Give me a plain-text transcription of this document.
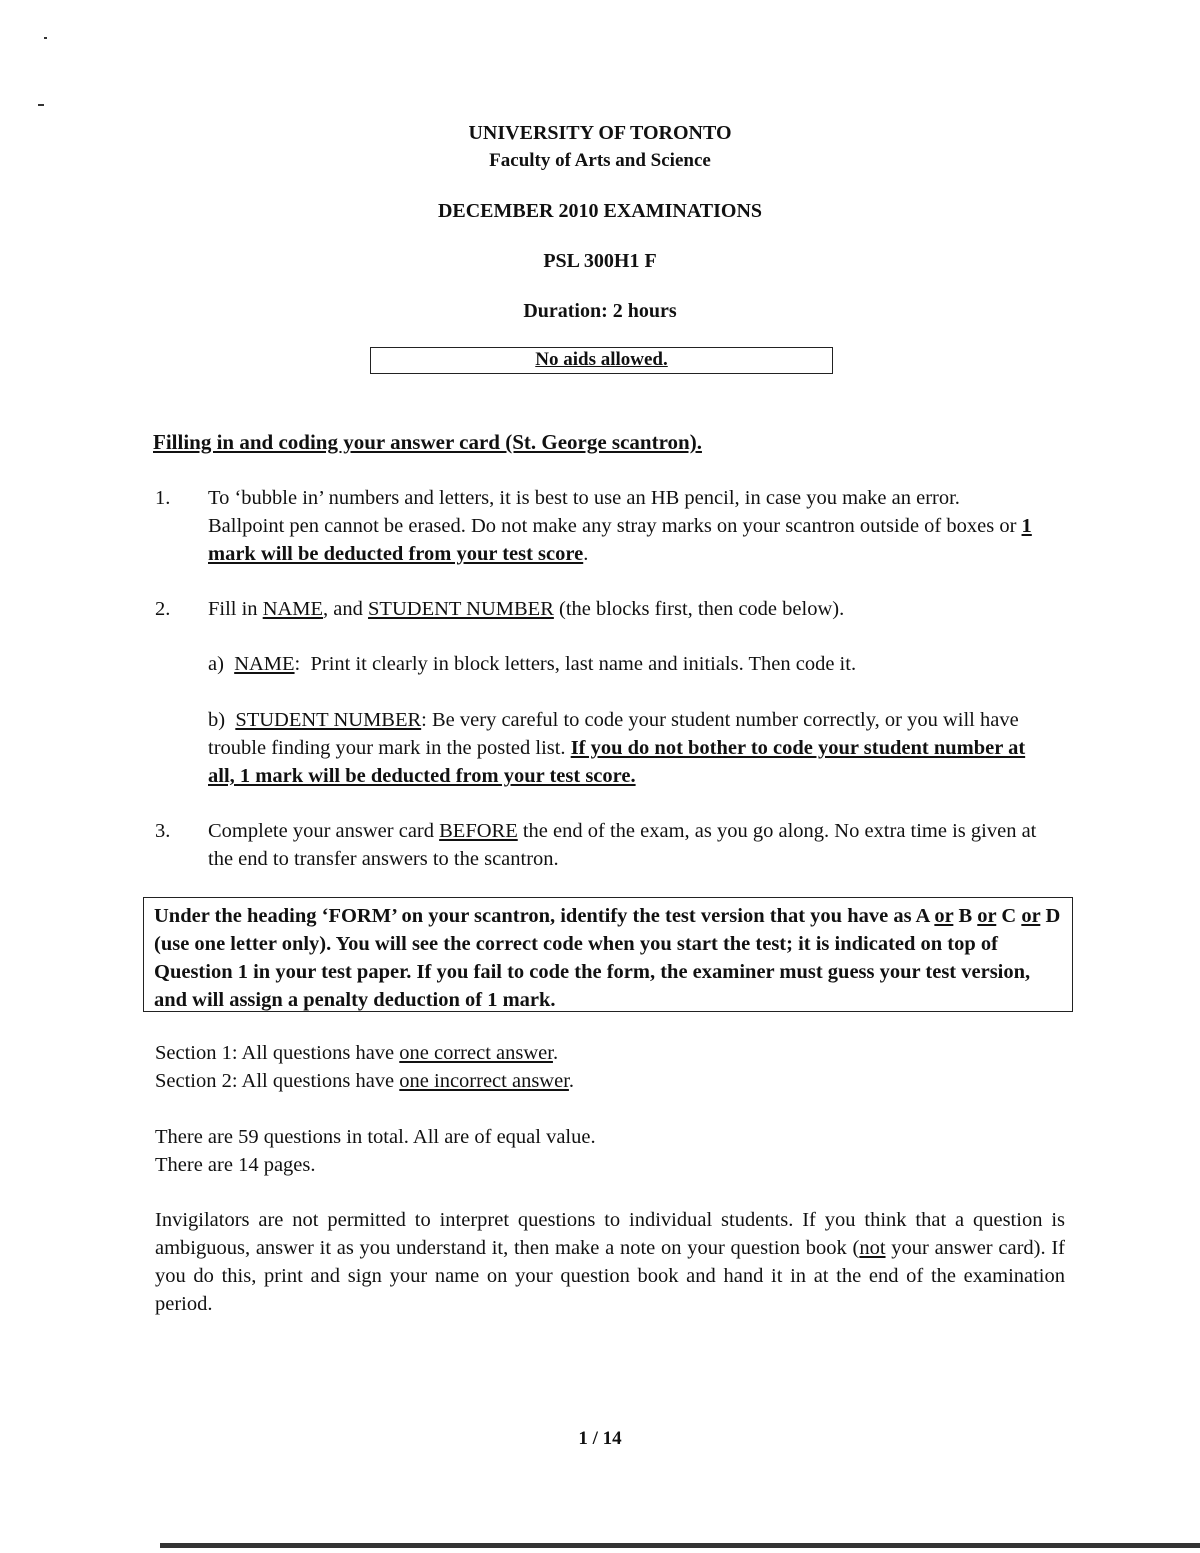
UNIVERSITY OF TORONTO
Faculty of Arts and Science
DECEMBER 2010 EXAMINATIONS
PSL 300H1 F
Duration: 2 hours
No aids allowed.
Filling in and coding your answer card (St. George scantron).
1. To ‘bubble in’ numbers and letters, it is best to use an HB pencil, in case you make an error. Ballpoint pen cannot be erased. Do not make any stray marks on your scantron outside of boxes or 1 mark will be deducted from your test score.
2. Fill in NAME, and STUDENT NUMBER (the blocks first, then code below).
a)  NAME:  Print it clearly in block letters, last name and initials. Then code it.
b)  STUDENT NUMBER: Be very careful to code your student number correctly, or you will have trouble finding your mark in the posted list. If you do not bother to code your student number at all, 1 mark will be deducted from your test score.
3. Complete your answer card BEFORE the end of the exam, as you go along. No extra time is given at the end to transfer answers to the scantron.
Under the heading ‘FORM’ on your scantron, identify the test version that you have as A or B or C or D (use one letter only). You will see the correct code when you start the test; it is indicated on top of Question 1 in your test paper. If you fail to code the form, the examiner must guess your test version, and will assign a penalty deduction of 1 mark.
Section 1: All questions have one correct answer.
Section 2: All questions have one incorrect answer.
There are 59 questions in total. All are of equal value.
There are 14 pages.
Invigilators are not permitted to interpret questions to individual students. If you think that a question is ambiguous, answer it as you understand it, then make a note on your question book (not your answer card). If you do this, print and sign your name on your question book and hand it in at the end of the examination period.
1 / 14
